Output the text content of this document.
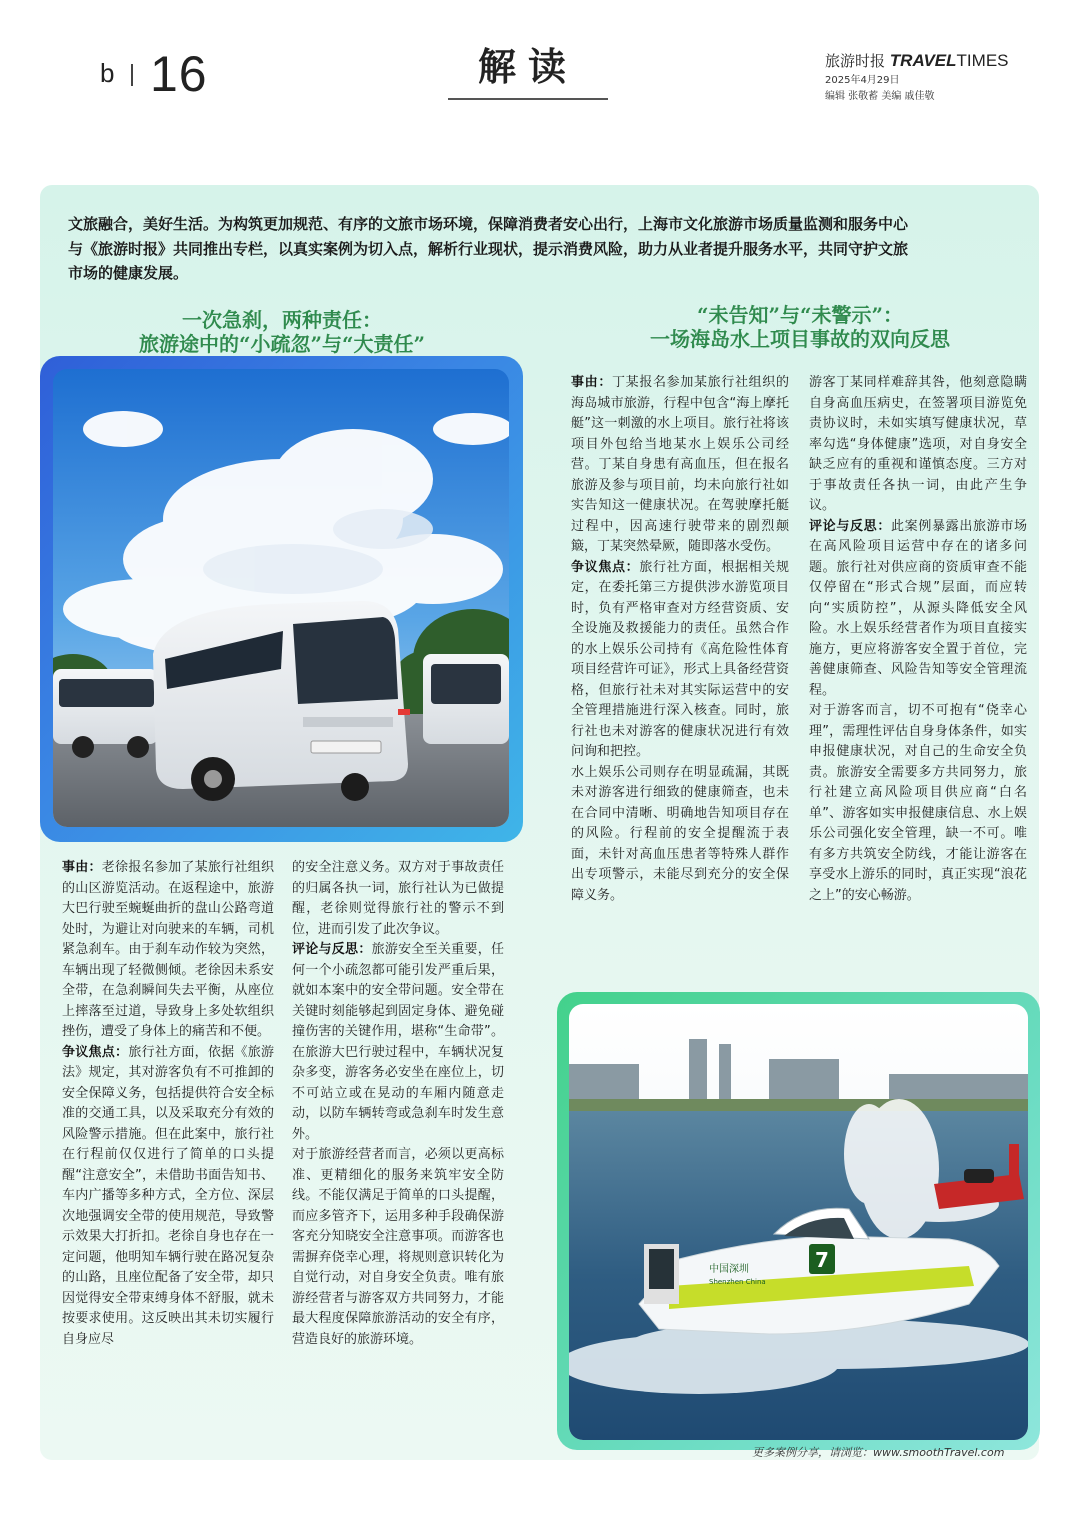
b 16	解读	旅游时报 TRAVELTIMES
2025年4月29日
编辑 张敬蓄 美编 戚佳敬
文旅融合，美好生活。为构筑更加规范、有序的文旅市场环境，保障消费者安心出行，上海市文化旅游市场质量监测和服务中心与《旅游时报》共同推出专栏，以真实案例为切入点，解析行业现状，提示消费风险，助力从业者提升服务水平，共同守护文旅市场的健康发展。
一次急刹，两种责任：
旅游途中的“小疏忽”与“大责任”
“未告知”与“未警示”：
一场海岛水上项目事故的双向反思
中国深圳
Shenzhen China
7

事由：老徐报名参加了某旅行社组织的山区游览活动。在返程途中，旅游大巴行驶至蜿蜒曲折的盘山公路弯道处时，为避让对向驶来的车辆，司机紧急刹车。由于刹车动作较为突然，车辆出现了轻微侧倾。老徐因未系安全带，在急刹瞬间失去平衡，从座位上摔落至过道，导致身上多处软组织挫伤，遭受了身体上的痛苦和不便。

争议焦点：旅行社方面，依据《旅游法》规定，其对游客负有不可推卸的安全保障义务，包括提供符合安全标准的交通工具，以及采取充分有效的风险警示措施。但在此案中，旅行社在行程前仅仅进行了简单的口头提醒“注意安全”，未借助书面告知书、车内广播等多种方式，全方位、深层次地强调安全带的使用规范，导致警示效果大打折扣。老徐自身也存在一定问题，他明知车辆行驶在路况复杂的山路，且座位配备了安全带，却只因觉得安全带束缚身体不舒服，就未按要求使用。这反映出其未切实履行自身应尽

的安全注意义务。双方对于事故责任的归属各执一词，旅行社认为已做提醒，老徐则觉得旅行社的警示不到位，进而引发了此次争议。

评论与反思：旅游安全至关重要，任何一个小疏忽都可能引发严重后果，就如本案中的安全带问题。安全带在关键时刻能够起到固定身体、避免碰撞伤害的关键作用，堪称“生命带”。在旅游大巴行驶过程中，车辆状况复杂多变，游客务必安坐在座位上，切不可站立或在晃动的车厢内随意走动，以防车辆转弯或急刹车时发生意外。

对于旅游经营者而言，必须以更高标准、更精细化的服务来筑牢安全防线。不能仅满足于简单的口头提醒，而应多管齐下，运用多种手段确保游客充分知晓安全注意事项。而游客也需摒弃侥幸心理，将规则意识转化为自觉行动，对自身安全负责。唯有旅游经营者与游客双方共同努力，才能最大程度保障旅游活动的安全有序，营造良好的旅游环境。

事由：丁某报名参加某旅行社组织的海岛城市旅游，行程中包含“海上摩托艇”这一刺激的水上项目。旅行社将该项目外包给当地某水上娱乐公司经营。丁某自身患有高血压，但在报名旅游及参与项目前，均未向旅行社如实告知这一健康状况。在驾驶摩托艇过程中，因高速行驶带来的剧烈颠簸，丁某突然晕厥，随即落水受伤。

争议焦点：旅行社方面，根据相关规定，在委托第三方提供涉水游览项目时，负有严格审查对方经营资质、安全设施及救援能力的责任。虽然合作的水上娱乐公司持有《高危险性体育项目经营许可证》，形式上具备经营资格，但旅行社未对其实际运营中的安全管理措施进行深入核查。同时，旅行社也未对游客的健康状况进行有效问询和把控。

水上娱乐公司则存在明显疏漏，其既未对游客进行细致的健康筛查，也未在合同中清晰、明确地告知项目存在的风险。行程前的安全提醒流于表面，未针对高血压患者等特殊人群作出专项警示，未能尽到充分的安全保障义务。

游客丁某同样难辞其咎，他刻意隐瞒自身高血压病史，在签署项目游览免责协议时，未如实填写健康状况，草率勾选“身体健康”选项，对自身安全缺乏应有的重视和谨慎态度。三方对于事故责任各执一词，由此产生争议。

评论与反思：此案例暴露出旅游市场在高风险项目运营中存在的诸多问题。旅行社对供应商的资质审查不能仅停留在“形式合规”层面，而应转向“实质防控”，从源头降低安全风险。水上娱乐经营者作为项目直接实施方，更应将游客安全置于首位，完善健康筛查、风险告知等安全管理流程。

对于游客而言，切不可抱有“侥幸心理”，需理性评估自身身体条件，如实申报健康状况，对自己的生命安全负责。旅游安全需要多方共同努力，旅行社建立高风险项目供应商“白名单”、游客如实申报健康信息、水上娱乐公司强化安全管理，缺一不可。唯有多方共筑安全防线，才能让游客在享受水上游乐的同时，真正实现“浪花之上”的安心畅游。

更多案例分享，请浏览：www.smoothTravel.com
